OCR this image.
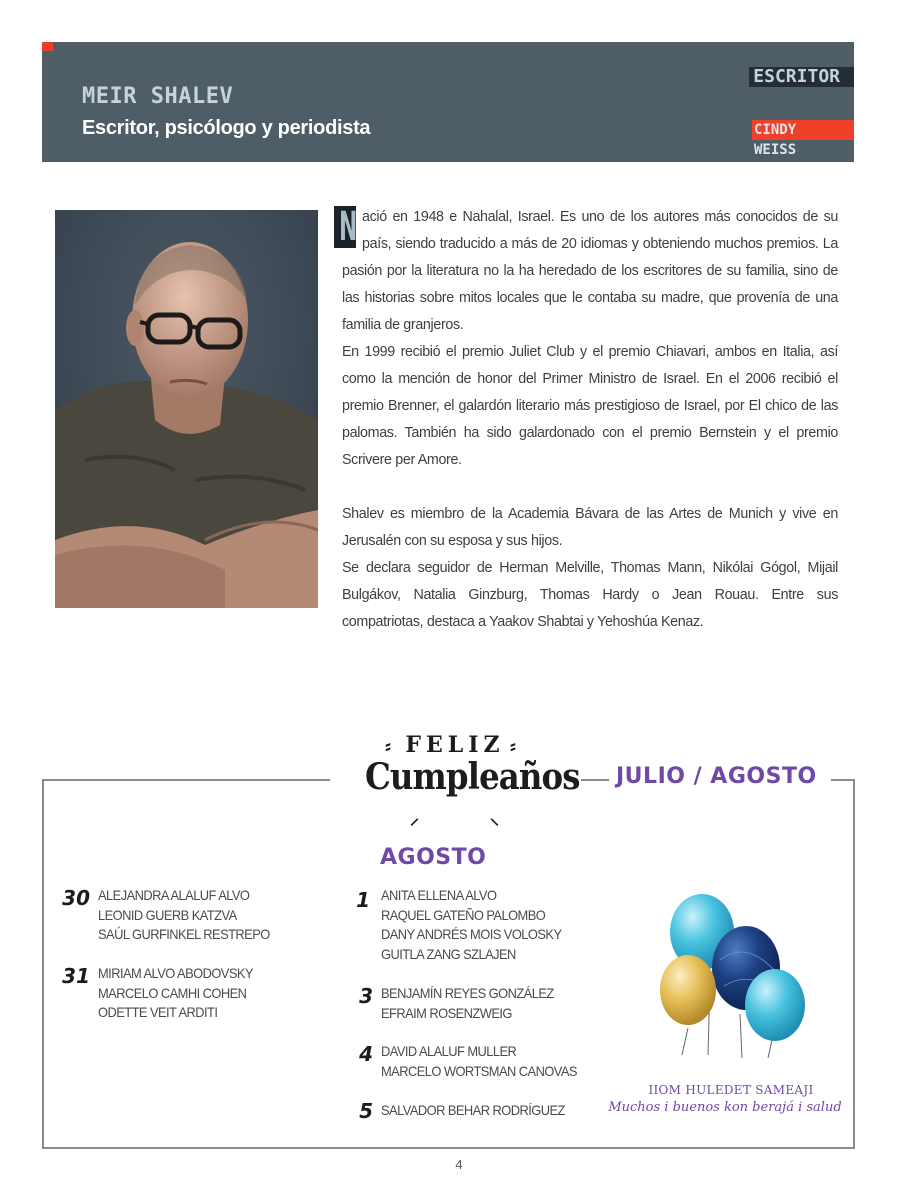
MEIR SHALEV
Escritor, psicólogo y periodista
ESCRITOR
CINDY WEISS

N ació en 1948 e Nahalal, Israel. Es uno de los autores más conocidos de su país, siendo traducido a más de 20 idiomas y obteniendo muchos premios. La pasión por la literatura no la ha heredado de los escritores de su familia, sino de las historias sobre mitos locales que le contaba su madre, que provenía de una familia de granjeros.

En 1999 recibió el premio Juliet Club y el premio Chiavari, ambos en Italia, así como la mención de honor del Primer Ministro de Israel. En el 2006 recibió el premio Brenner, el galardón literario más prestigioso de Israel, por El chico de las palomas. También ha sido galardonado con el premio Bernstein y el premio Scrivere per Amore.

Shalev es miembro de la Academia Bávara de las Artes de Munich y vive en Jerusalén con su esposa y sus hijos.

Se declara seguidor de Herman Melville, Thomas Mann, Nikólai Gógol, Mijail Bulgákov, Natalia Ginzburg, Thomas Hardy o Jean Rouau. Entre sus compatriotas, destaca a Yaakov Shabtai y Yehoshúa Kenaz.

⸗	⸗
FELIZ
Cumpleaños
⸝	⸜
JULIO / AGOSTO
30 ALEJANDRA ALALUF ALVO
LEONID GUERB KATZVA
SAÚL GURFINKEL RESTREPO
31 MIRIAM ALVO ABODOVSKY
MARCELO CAMHI COHEN
ODETTE VEIT ARDITI
AGOSTO
1 ANITA ELLENA ALVO
RAQUEL GATEÑO PALOMBO
DANY ANDRÉS MOIS VOLOSKY
GUITLA ZANG SZLAJEN
3 BENJAMÍN REYES GONZÁLEZ
EFRAIM ROSENZWEIG
4 DAVID ALALUF MULLER
MARCELO WORTSMAN CANOVAS
5 SALVADOR BEHAR RODRÍGUEZ
IIOM HULEDET SAMEAJI
Muchos i buenos kon berajá i salud
4
